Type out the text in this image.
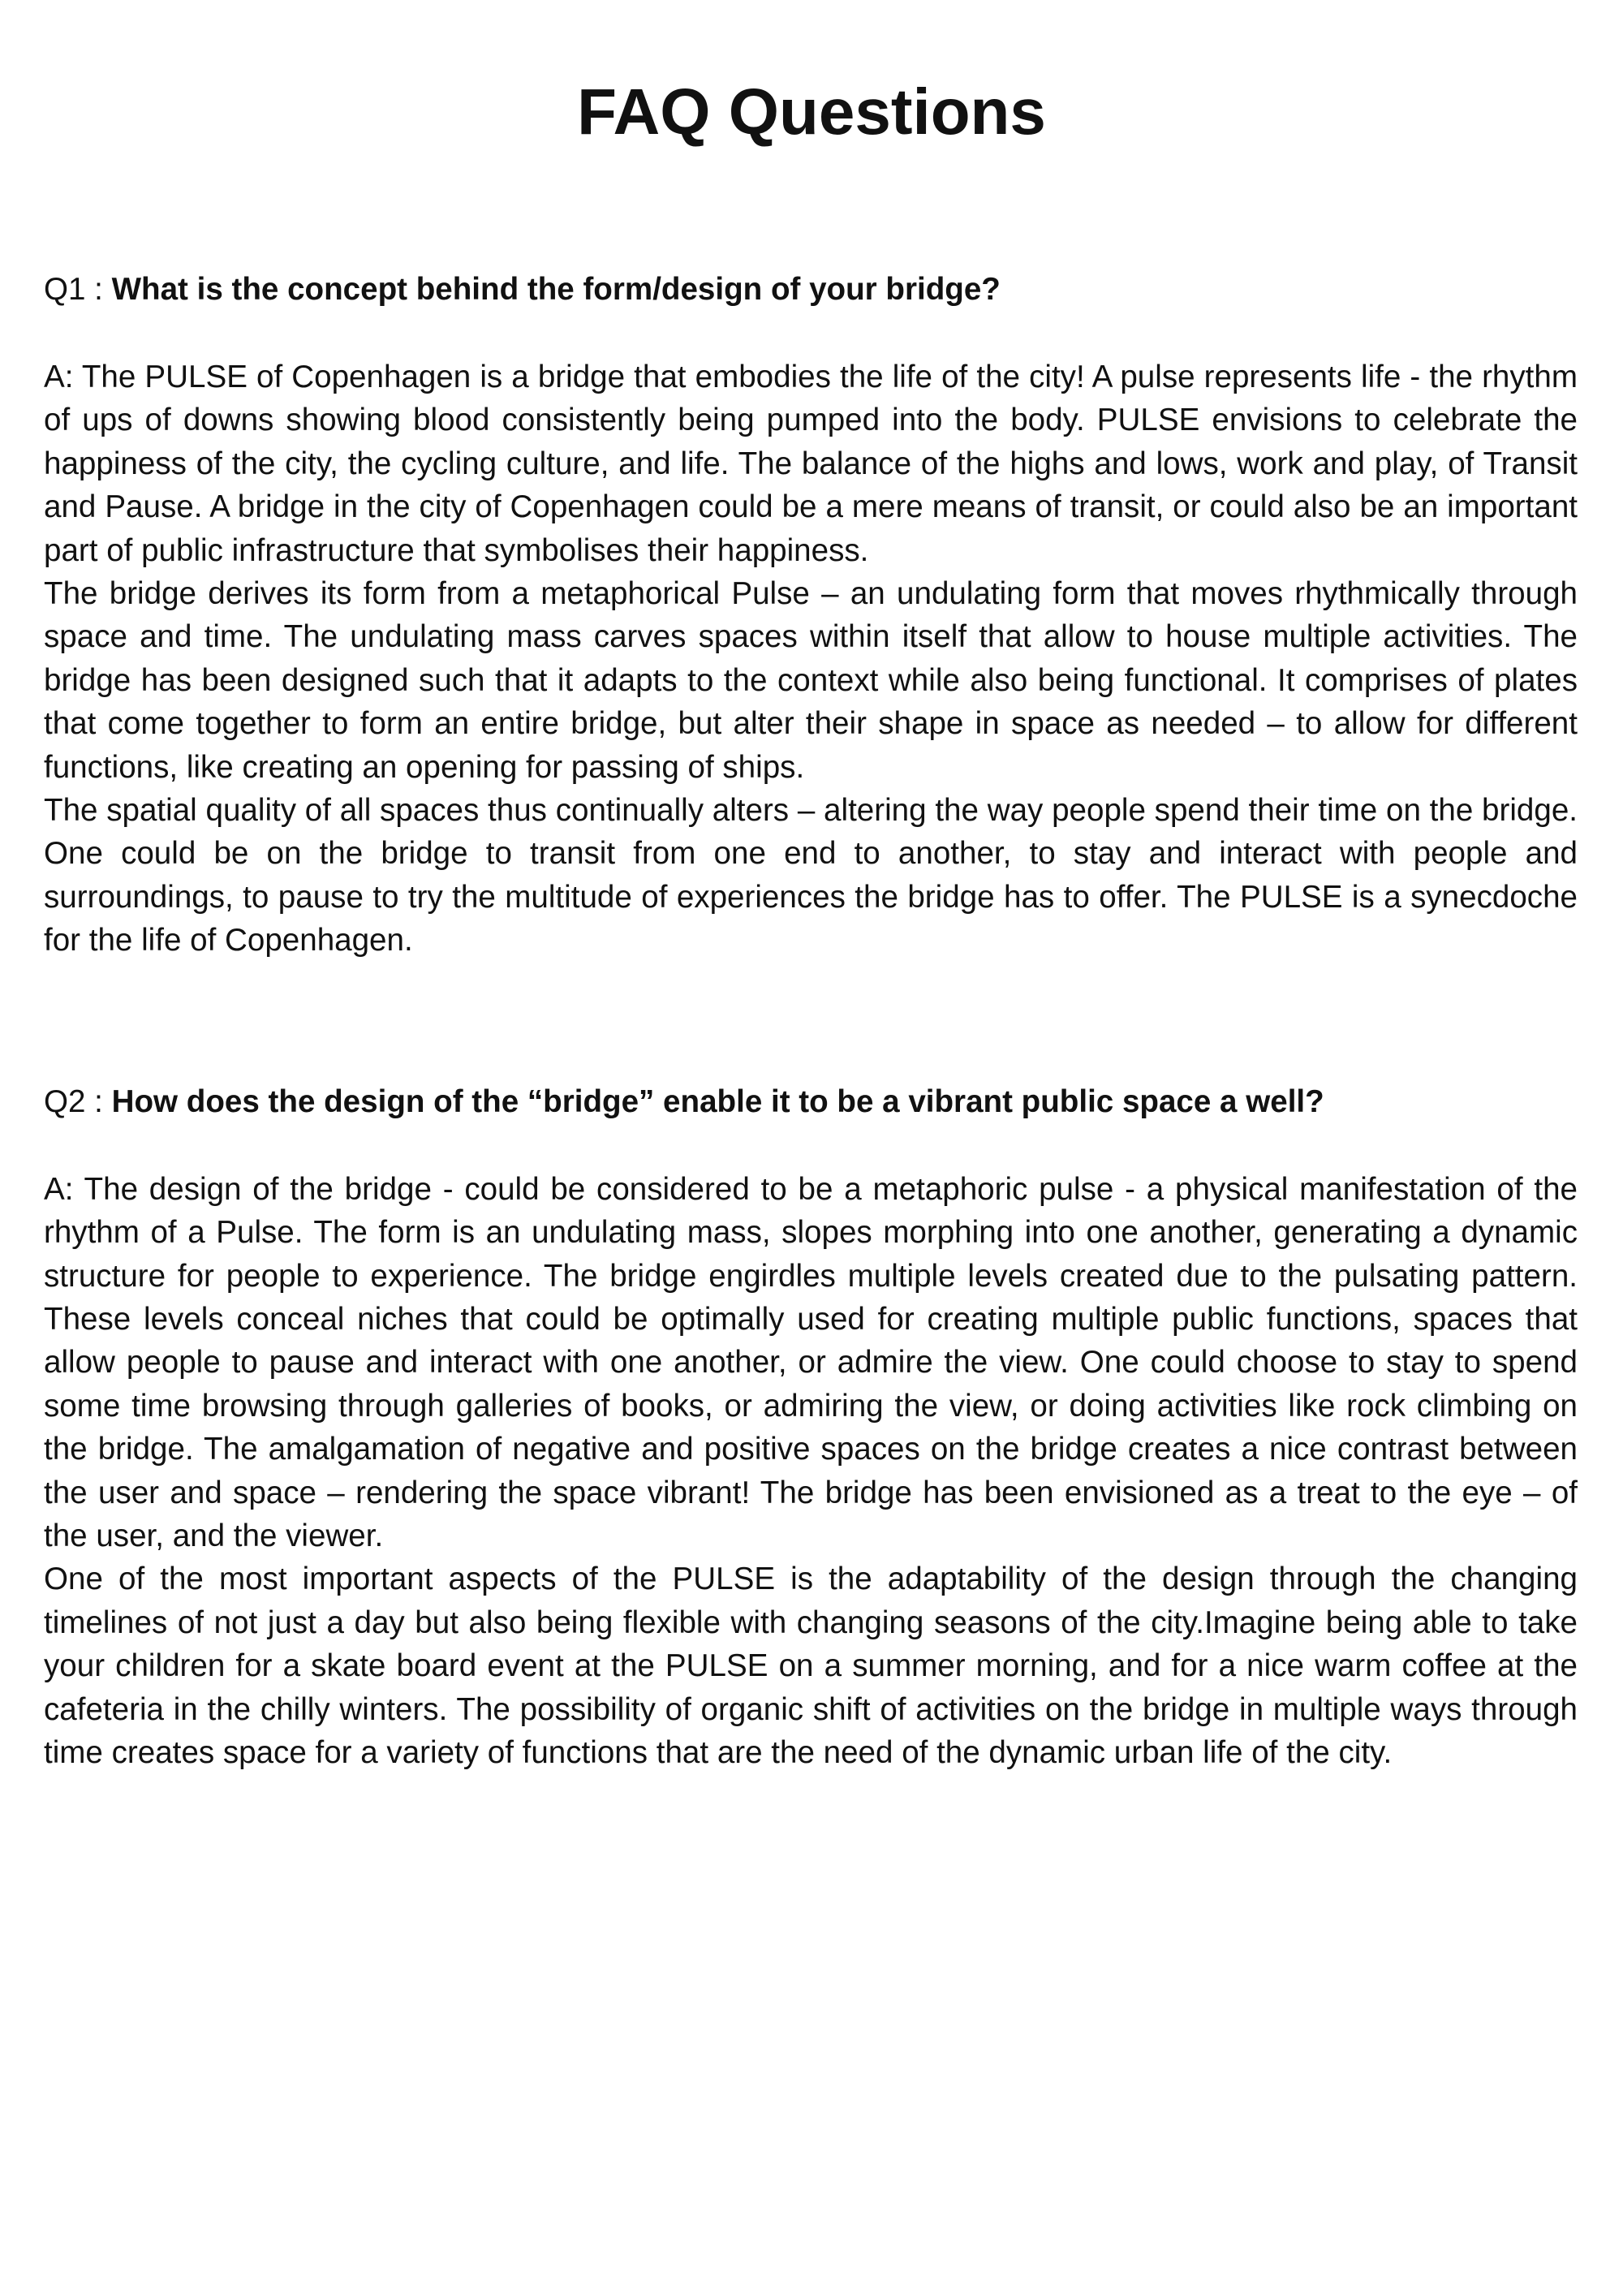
FAQ Questions

Q1 : What is the concept behind the form/design of your bridge?

A: The PULSE of Copenhagen is a bridge that embodies the life of the city! A pulse represents life - the rhythm of ups of downs showing blood consistently being pumped into the body. PULSE envisions to celebrate the happiness of the city, the cycling culture, and life. The balance of the highs and lows, work and play, of Transit and Pause. A bridge in the city of Copenhagen could be a mere means of transit, or could also be an important part of public infrastructure that symbolises their happiness.

The bridge derives its form from a metaphorical Pulse – an undulating form that moves rhythmically through space and time. The undulating mass carves spaces within itself that allow to house multiple activities. The bridge has been designed such that it adapts to the context while also being functional. It comprises of plates that come together to form an entire bridge, but alter their shape in space as needed – to allow for different functions, like creating an opening for passing of ships.

The spatial quality of all spaces thus continually alters – altering the way people spend their time on the bridge. One could be on the bridge to transit from one end to another, to stay and interact with people and surroundings, to pause to try the multitude of experiences the bridge has to offer. The PULSE is a synecdoche for the life of Copenhagen.

Q2 : How does the design of the “bridge” enable it to be a vibrant public space a well?

A: The design of the bridge - could be considered to be a metaphoric pulse - a physical manifestation of the rhythm of a Pulse. The form is an undulating mass, slopes morphing into one another, generating a dynamic structure for people to experience. The bridge engirdles multiple levels created due to the pulsating pattern. These levels conceal niches that could be optimally used for creating multiple public functions, spaces that allow people to pause and interact with one another, or admire the view. One could choose to stay to spend some time browsing through galleries of books, or admiring the view, or doing activities like rock climbing on the bridge. The amalgamation of negative and positive spaces on the bridge creates a nice contrast between the user and space – rendering the space vibrant! The bridge has been envisioned as a treat to the eye – of the user, and the viewer.

One of the most important aspects of the PULSE is the adaptability of the design through the changing timelines of not just a day but also being flexible with changing seasons of the city.Imagine being able to take your children for a skate board event at the PULSE on a summer morning, and for a nice warm coffee at the cafeteria in the chilly winters. The possibility of organic shift of activities on the bridge in multiple ways through time creates space for a variety of functions that are the need of the dynamic urban life of the city.
